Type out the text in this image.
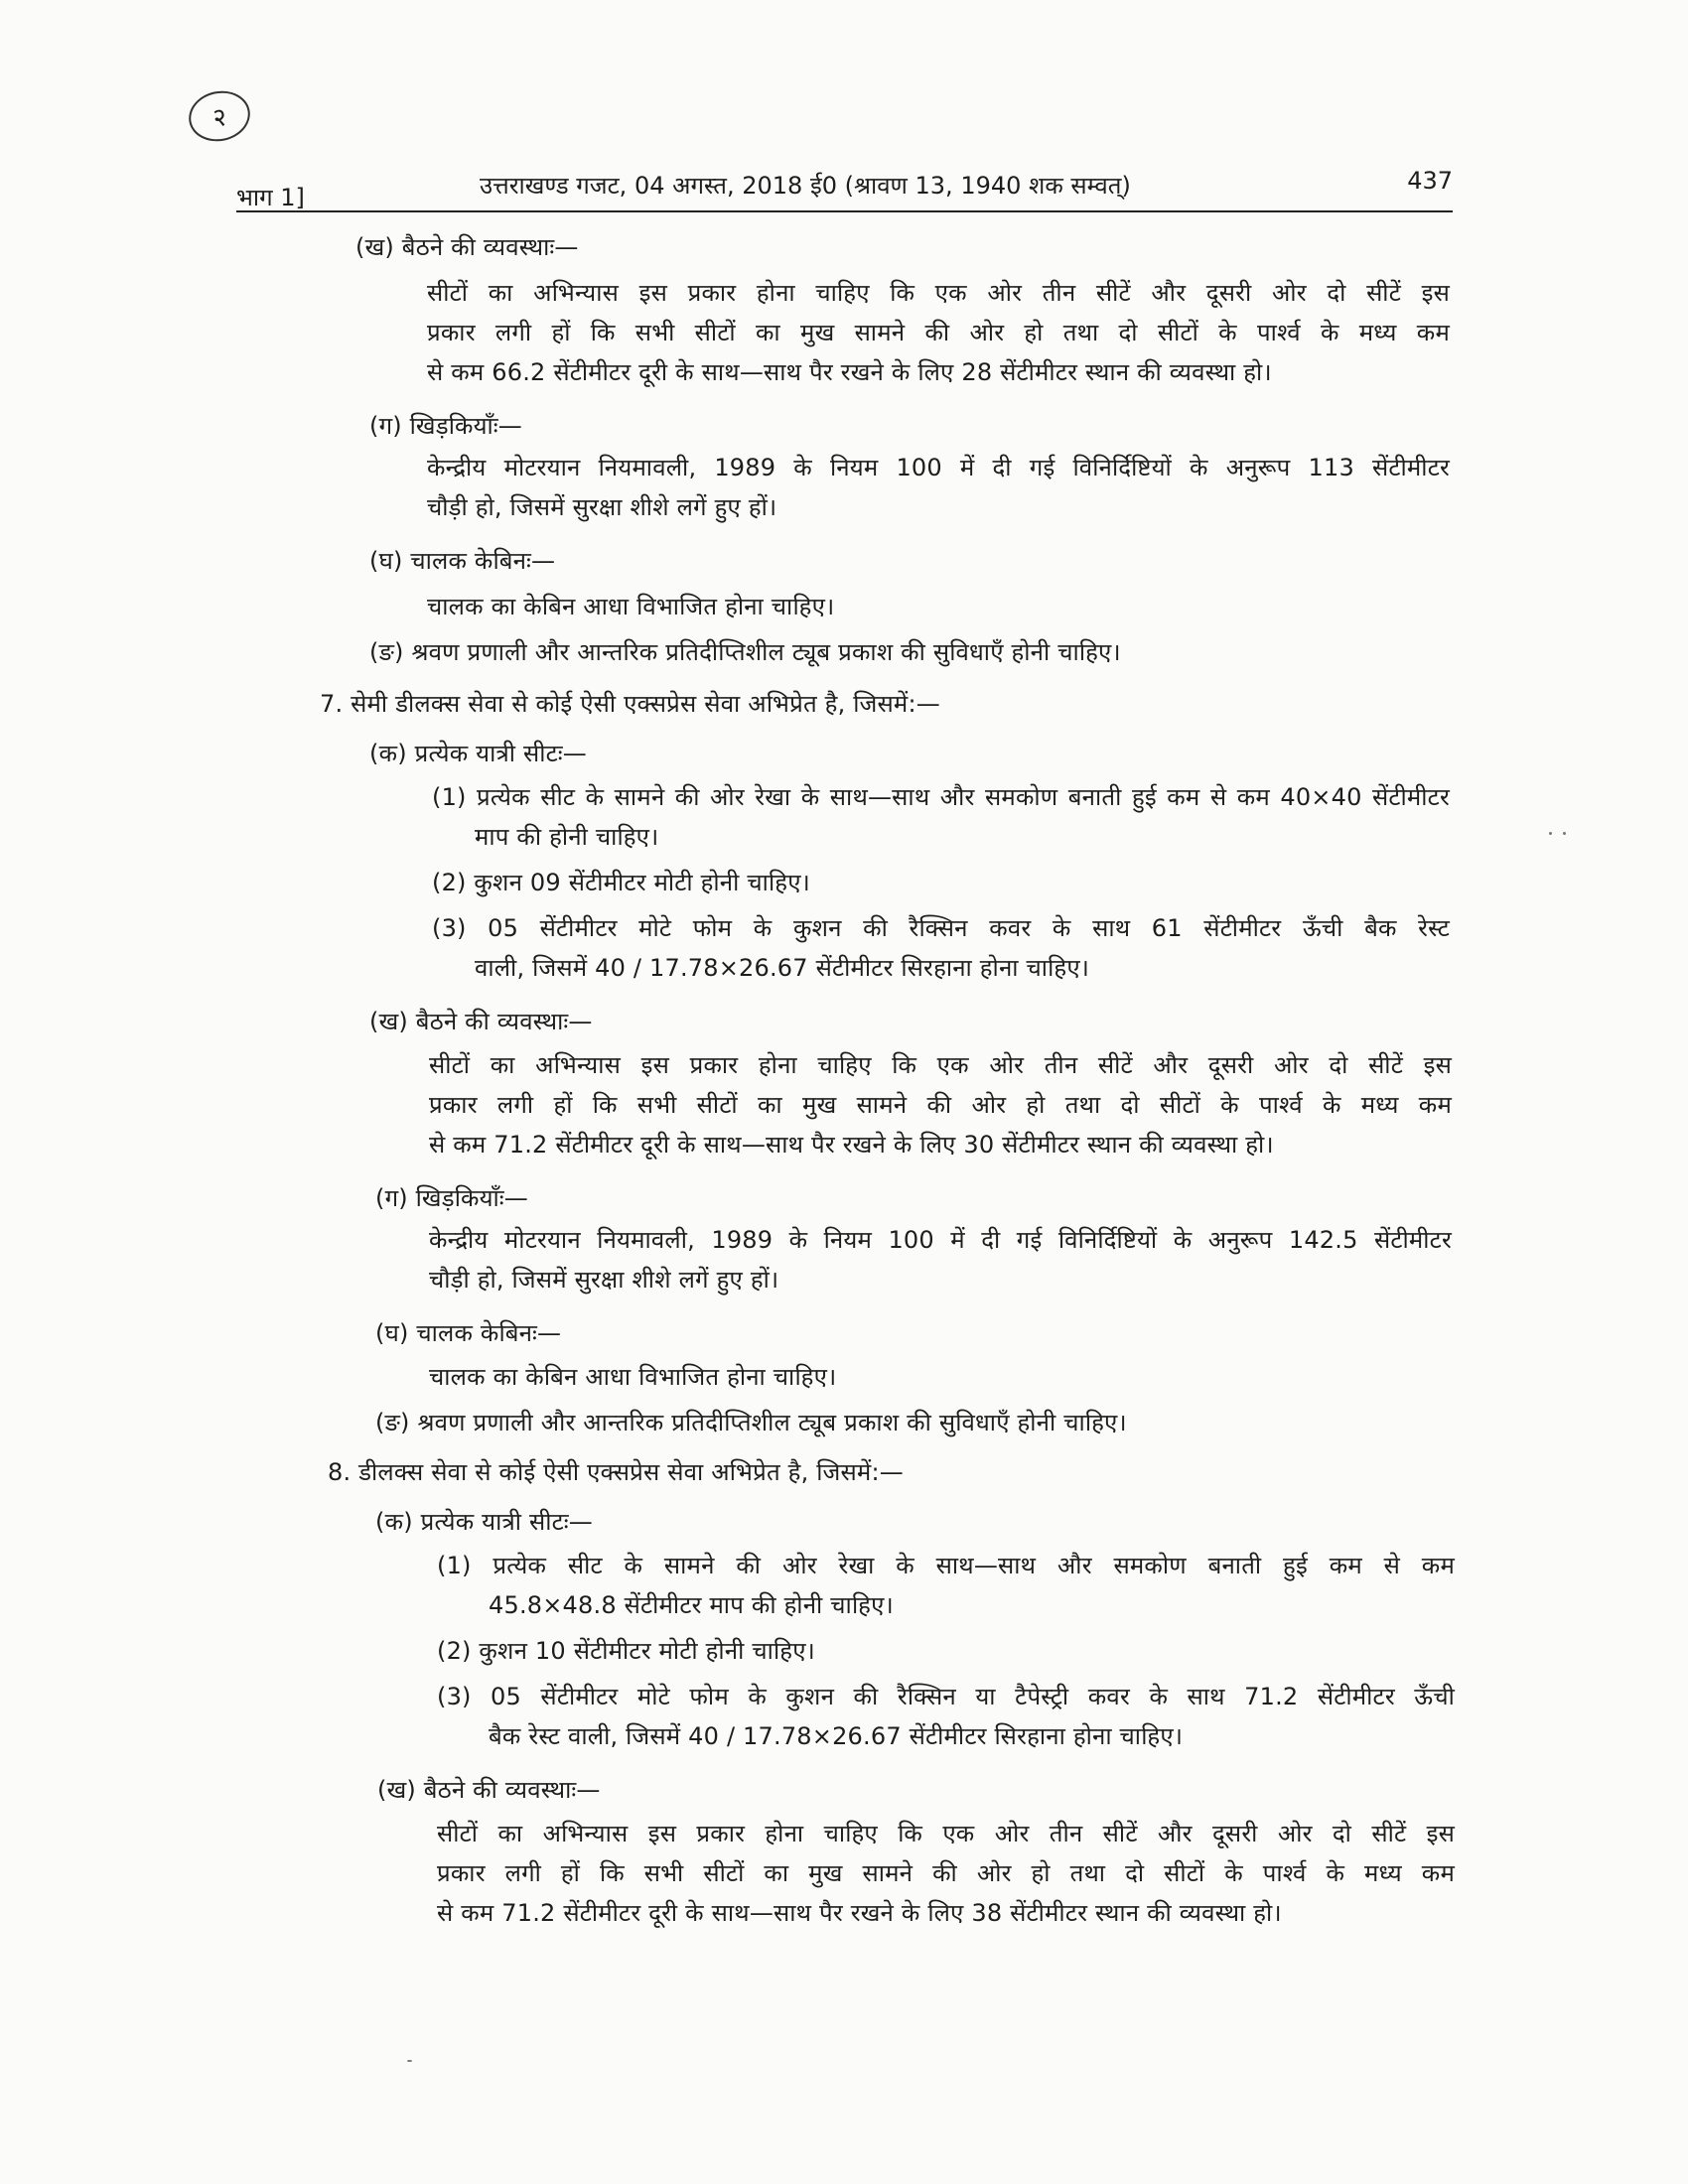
२
भाग 1]	उत्तराखण्ड गजट, 04 अगस्त, 2018 ई0 (श्रावण 13, 1940 शक सम्वत्)	437
(ख) बैठने की व्यवस्थाः—
सीटों का अभिन्यास इस प्रकार होना चाहिए कि एक ओर तीन सीटें और दूसरी ओर दो सीटें इस
प्रकार लगी हों कि सभी सीटों का मुख सामने की ओर हो तथा दो सीटों के पार्श्व के मध्य कम
से कम 66.2 सेंटीमीटर दूरी के साथ—साथ पैर रखने के लिए 28 सेंटीमीटर स्थान की व्यवस्था हो।
(ग) खिड़कियाँः—
केन्द्रीय मोटरयान नियमावली, 1989 के नियम 100 में दी गई विनिर्दिष्टियों के अनुरूप 113 सेंटीमीटर
चौड़ी हो, जिसमें सुरक्षा शीशे लगें हुए हों।
(घ) चालक केबिनः—
चालक का केबिन आधा विभाजित होना चाहिए।
(ङ) श्रवण प्रणाली और आन्तरिक प्रतिदीप्तिशील ट्यूब प्रकाश की सुविधाएँ होनी चाहिए।
7. सेमी डीलक्स सेवा से कोई ऐसी एक्सप्रेस सेवा अभिप्रेत है, जिसमें:—
(क) प्रत्येक यात्री सीटः—
(1) प्रत्येक सीट के सामने की ओर रेखा के साथ—साथ और समकोण बनाती हुई कम से कम 40×40 सेंटीमीटर
माप की होनी चाहिए।
(2) कुशन 09 सेंटीमीटर मोटी होनी चाहिए।
(3) 05 सेंटीमीटर मोटे फोम के कुशन की रैक्सिन कवर के साथ 61 सेंटीमीटर ऊँची बैक रेस्ट
वाली, जिसमें 40 / 17.78×26.67 सेंटीमीटर सिरहाना होना चाहिए।
(ख) बैठने की व्यवस्थाः—
सीटों का अभिन्यास इस प्रकार होना चाहिए कि एक ओर तीन सीटें और दूसरी ओर दो सीटें इस
प्रकार लगी हों कि सभी सीटों का मुख सामने की ओर हो तथा दो सीटों के पार्श्व के मध्य कम
से कम 71.2 सेंटीमीटर दूरी के साथ—साथ पैर रखने के लिए 30 सेंटीमीटर स्थान की व्यवस्था हो।
(ग) खिड़कियाँः—
केन्द्रीय मोटरयान नियमावली, 1989 के नियम 100 में दी गई विनिर्दिष्टियों के अनुरूप 142.5 सेंटीमीटर
चौड़ी हो, जिसमें सुरक्षा शीशे लगें हुए हों।
(घ) चालक केबिनः—
चालक का केबिन आधा विभाजित होना चाहिए।
(ङ) श्रवण प्रणाली और आन्तरिक प्रतिदीप्तिशील ट्यूब प्रकाश की सुविधाएँ होनी चाहिए।
8. डीलक्स सेवा से कोई ऐसी एक्सप्रेस सेवा अभिप्रेत है, जिसमें:—
(क) प्रत्येक यात्री सीटः—
(1) प्रत्येक सीट के सामने की ओर रेखा के साथ—साथ और समकोण बनाती हुई कम से कम
45.8×48.8 सेंटीमीटर माप की होनी चाहिए।
(2) कुशन 10 सेंटीमीटर मोटी होनी चाहिए।
(3) 05 सेंटीमीटर मोटे फोम के कुशन की रैक्सिन या टैपेस्ट्री कवर के साथ 71.2 सेंटीमीटर ऊँची
बैक रेस्ट वाली, जिसमें 40 / 17.78×26.67 सेंटीमीटर सिरहाना होना चाहिए।
(ख) बैठने की व्यवस्थाः—
सीटों का अभिन्यास इस प्रकार होना चाहिए कि एक ओर तीन सीटें और दूसरी ओर दो सीटें इस
प्रकार लगी हों कि सभी सीटों का मुख सामने की ओर हो तथा दो सीटों के पार्श्व के मध्य कम
से कम 71.2 सेंटीमीटर दूरी के साथ—साथ पैर रखने के लिए 38 सेंटीमीटर स्थान की व्यवस्था हो।
